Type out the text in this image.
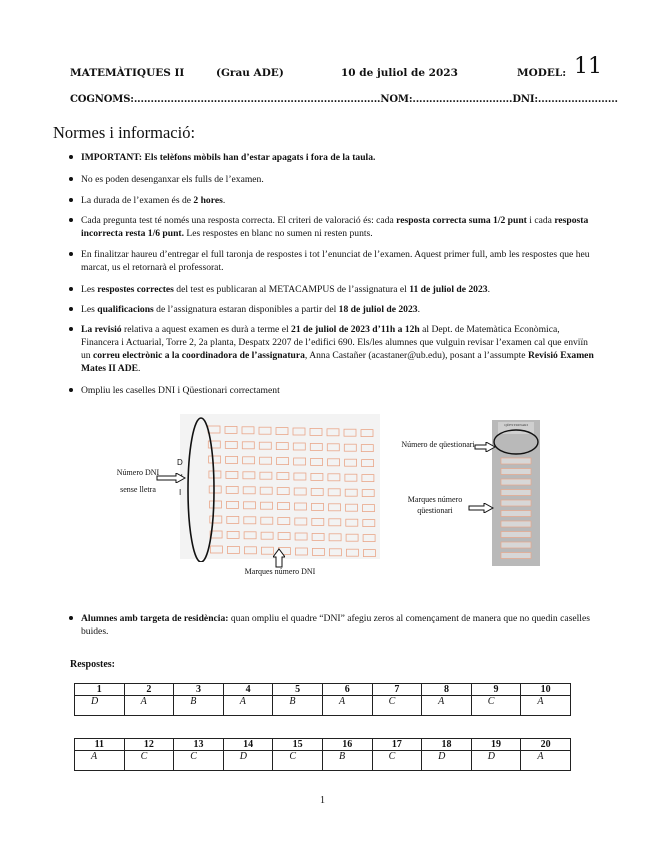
MATEMÀTIQUES II	(Grau ADE)	10 de juliol de 2023	MODEL: 11
COGNOMS:..........................................................................NOM:..............................DNI:........................
Normes i informació:
IMPORTANT: Els telèfons mòbils han d’estar apagats i fora de la taula.
No es poden desenganxar els fulls de l’examen.
La durada de l’examen és de 2 hores.
Cada pregunta test té només una resposta correcta. El criteri de valoració és: cada resposta correcta suma 1/2 punt i cada resposta incorrecta resta 1/6 punt. Les respostes en blanc no sumen ni resten punts.
En finalitzar haureu d’entregar el full taronja de respostes i tot l’enunciat de l’examen. Aquest primer full, amb les respostes que heu marcat, us el retornarà el professorat.
Les respostes correctes del test es publicaran al METACAMPUS de l’assignatura el 11 de juliol de 2023.
Les qualificacions de l’assignatura estaran disponibles a partir del 18 de juliol de 2023.
La revisió relativa a aquest examen es durà a terme el 21 de juliol de 2023 d’11h a 12h al Dept. de Matemàtica Econòmica, Financera i Actuarial, Torre 2, 2a planta, Despatx 2207 de l’edifici 690. Els/les alumnes que vulguin revisar l’examen cal que enviïn un correu electrònic a la coordinadora de l’assignatura, Anna Castañer (acastaner@ub.edu), posant a l’assumpte Revisió Examen Mates II ADE.
Ompliu les caselles DNI i Qüestionari correctament
D
I
Número DNI
sense lletra
Marques número DNI
QÜESTIONARI
Número de qüestionari
Marques número
qüestionari
Alumnes amb targeta de residència: quan ompliu el quadre “DNI” afegiu zeros al començament de manera que no quedin caselles buides.
Respostes:
1	2	3	4	5	6	7	8	9	10
D	A	B	A	B	A	C	A	C	A
11	12	13	14	15	16	17	18	19	20
A	C	C	D	C	B	C	D	D	A
1
